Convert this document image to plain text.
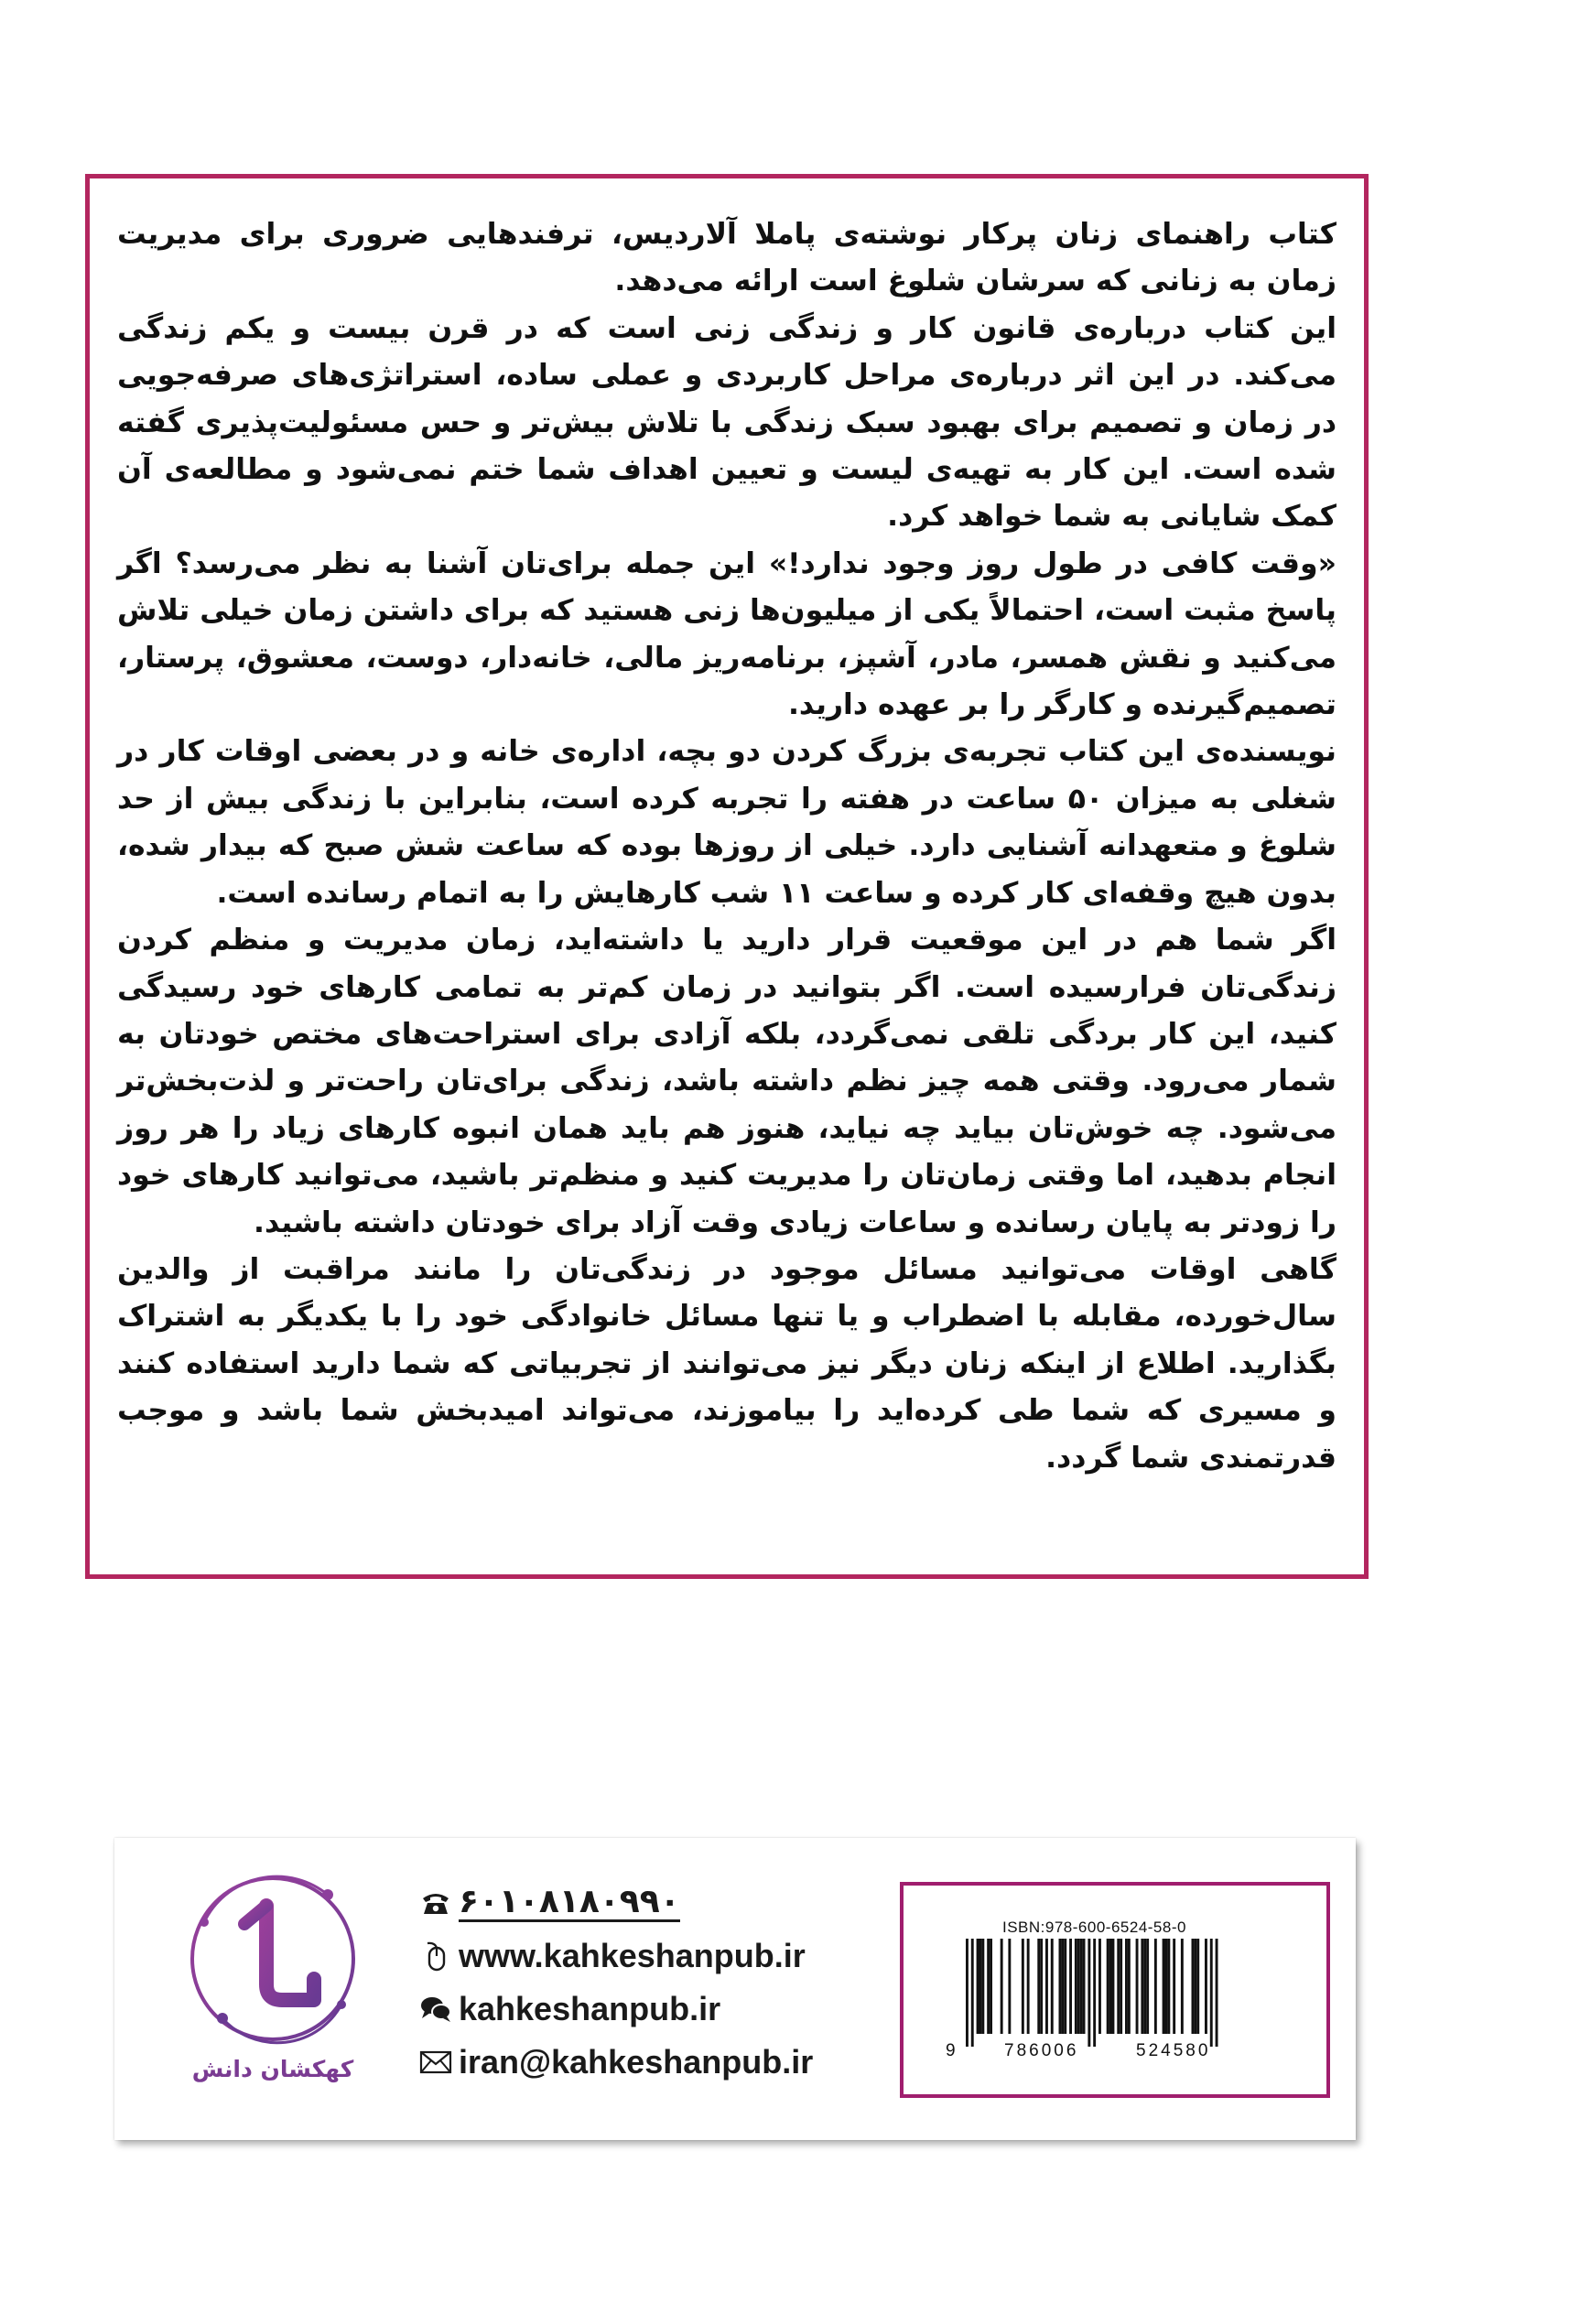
کتاب راهنمای زنان پرکار نوشته‌ی پاملا آلاردیس، ترفندهایی ضروری برای مدیریت زمان به زنانی که سرشان شلوغ است ارائه می‌دهد.

این کتاب درباره‌ی قانون کار و زندگی زنی است که در قرن بیست و یکم زندگی می‌کند. در این اثر درباره‌ی مراحل کاربردی و عملی ساده، استراتژی‌های صرفه‌جویی در زمان و تصمیم برای بهبود سبک زندگی با تلاش بیش‌تر و حس مسئولیت‌پذیری گفته شده است. این کار به تهیه‌ی لیست و تعیین اهداف شما ختم نمی‌شود و مطالعه‌ی آن کمک شایانی به شما خواهد کرد.

«وقت کافی در طول روز وجود ندارد!» این جمله برای‌تان آشنا به نظر می‌رسد؟ اگر پاسخ مثبت است، احتمالاً یکی از میلیون‌ها زنی هستید که برای داشتن زمان خیلی تلاش می‌کنید و نقش همسر، مادر، آشپز، برنامه‌ریز مالی، خانه‌دار، دوست، معشوق، پرستار، تصمیم‌گیرنده و کارگر را بر عهده دارید.

نویسنده‌ی این کتاب تجربه‌ی بزرگ کردن دو بچه، اداره‌ی خانه و در بعضی اوقات کار در شغلی به میزان ۵۰ ساعت در هفته را تجربه کرده است، بنابراین با زندگی بیش از حد شلوغ و متعهدانه آشنایی دارد. خیلی از روزها بوده که ساعت شش صبح که بیدار شده، بدون هیچ وقفه‌ای کار کرده و ساعت ۱۱ شب کارهایش را به اتمام رسانده است.

اگر شما هم در این موقعیت قرار دارید یا داشته‌اید، زمان مدیریت و منظم کردن زندگی‌تان فرارسیده است. اگر بتوانید در زمان کم‌تر به تمامی کارهای خود رسیدگی کنید، این کار بردگی تلقی نمی‌گردد، بلکه آزادی برای استراحت‌های مختص خودتان به شمار می‌رود. وقتی همه چیز نظم داشته باشد، زندگی برای‌تان راحت‌تر و لذت‌بخش‌تر می‌شود. چه خوش‌تان بیاید چه نیاید، هنوز هم باید همان انبوه کارهای زیاد را هر روز انجام بدهید، اما وقتی زمان‌تان را مدیریت کنید و منظم‌تر باشید، می‌توانید کارهای خود را زودتر به پایان رسانده و ساعات زیادی وقت آزاد برای خودتان داشته باشید.

گاهی اوقات می‌توانید مسائل موجود در زندگی‌تان را مانند مراقبت از والدین سال‌خورده، مقابله با اضطراب و یا تنها مسائل خانوادگی خود را با یکدیگر به اشتراک بگذارید. اطلاع از اینکه زنان دیگر نیز می‌توانند از تجربیاتی که شما دارید استفاده کنند و مسیری که شما طی کرده‌اید را بیاموزند، می‌تواند امیدبخش شما باشد و موجب قدرتمندی شما گردد.

کهکشان دانش
۰۹۹۰۸۱۸۰۱۰۶
www.kahkeshanpub.ir
kahkeshanpub.ir
iran@kahkeshanpub.ir
ISBN:978-600-6524-58-0
9	786006	524580
